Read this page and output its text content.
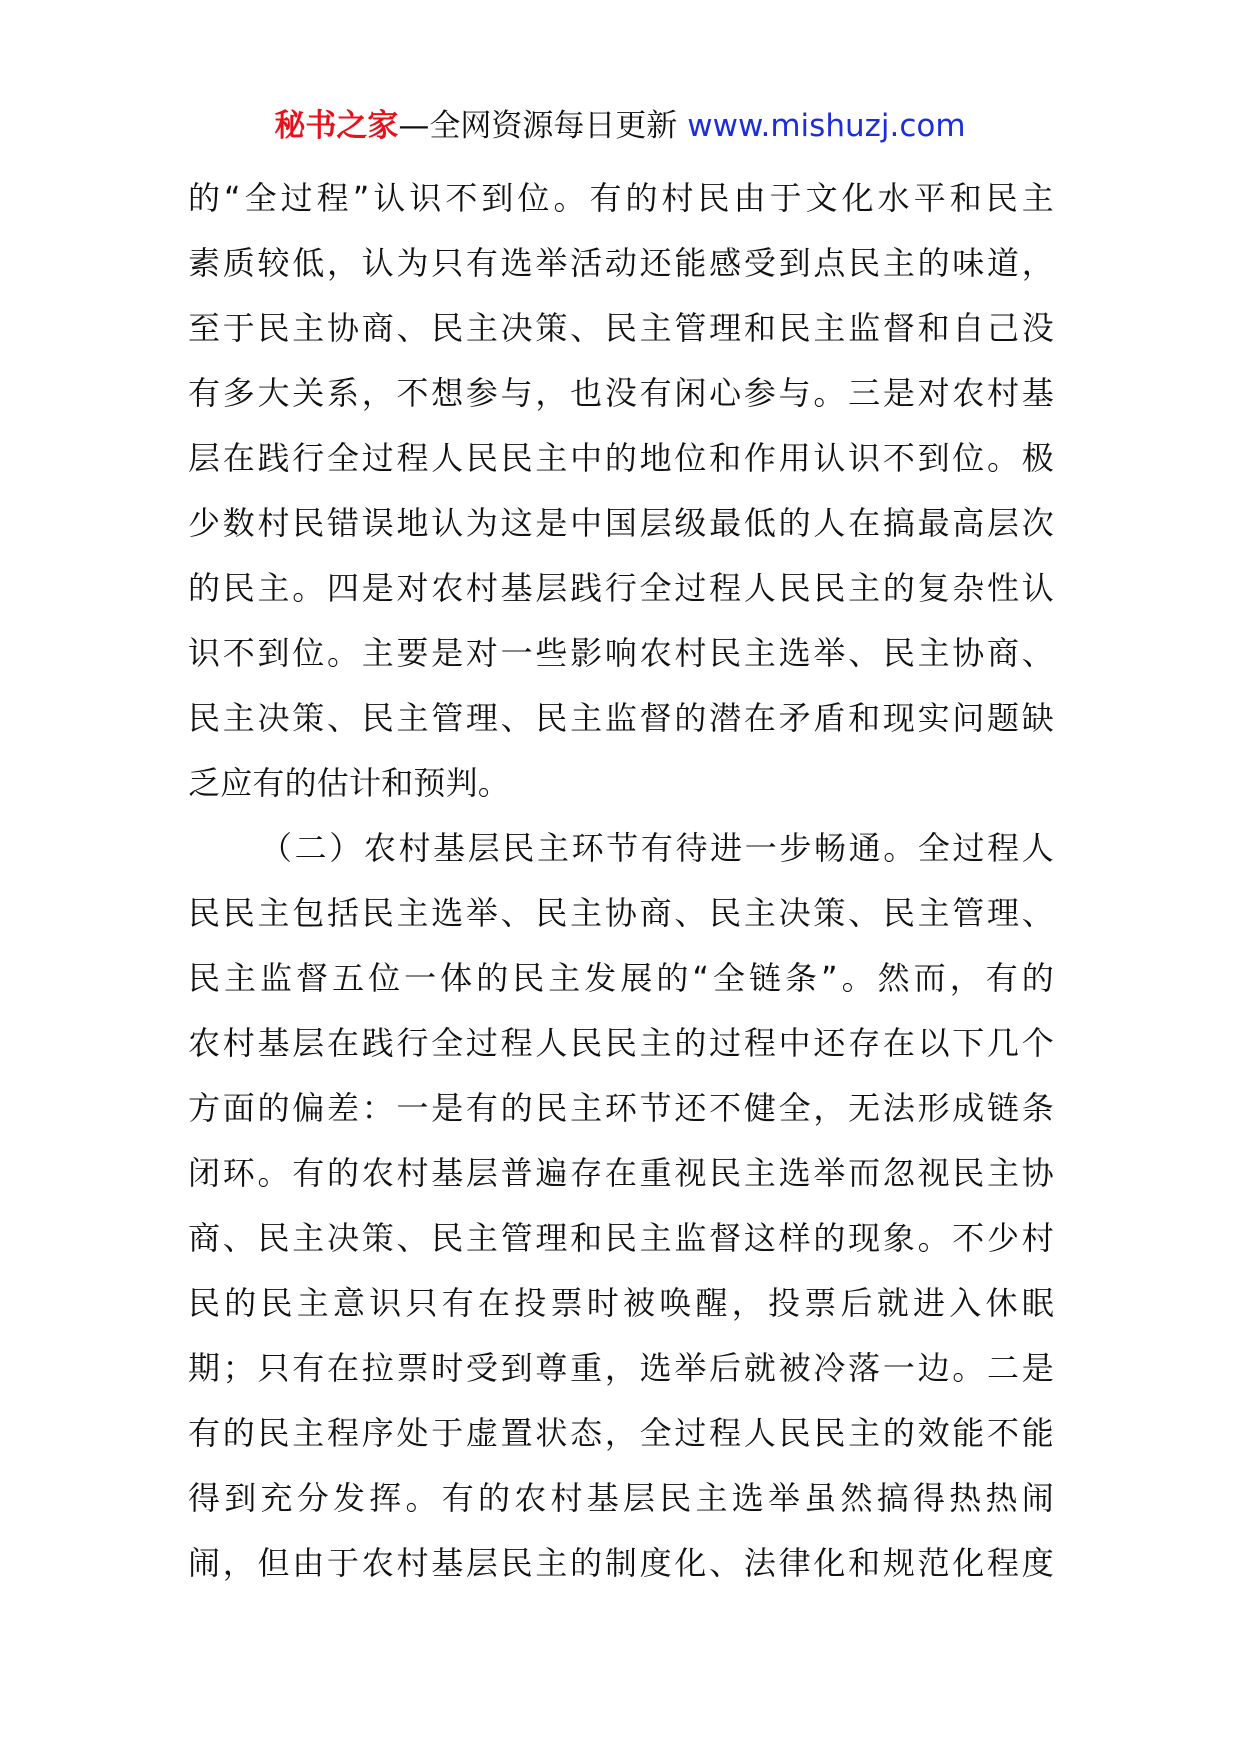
秘书之家—全网资源每日更新 www.mishuzj.com
的“全过程”认识不到位。有的村民由于文化水平和民主
素质较低，认为只有选举活动还能感受到点民主的味道，
至于民主协商、民主决策、民主管理和民主监督和自己没
有多大关系，不想参与，也没有闲心参与。三是对农村基
层在践行全过程人民民主中的地位和作用认识不到位。极
少数村民错误地认为这是中国层级最低的人在搞最高层次
的民主。四是对农村基层践行全过程人民民主的复杂性认
识不到位。主要是对一些影响农村民主选举、民主协商、
民主决策、民主管理、民主监督的潜在矛盾和现实问题缺
乏应有的估计和预判。
（二）农村基层民主环节有待进一步畅通。全过程人
民民主包括民主选举、民主协商、民主决策、民主管理、
民主监督五位一体的民主发展的“全链条”。然而，有的
农村基层在践行全过程人民民主的过程中还存在以下几个
方面的偏差：一是有的民主环节还不健全，无法形成链条
闭环。有的农村基层普遍存在重视民主选举而忽视民主协
商、民主决策、民主管理和民主监督这样的现象。不少村
民的民主意识只有在投票时被唤醒，投票后就进入休眠
期；只有在拉票时受到尊重，选举后就被冷落一边。二是
有的民主程序处于虚置状态，全过程人民民主的效能不能
得到充分发挥。有的农村基层民主选举虽然搞得热热闹
闹，但由于农村基层民主的制度化、法律化和规范化程度
